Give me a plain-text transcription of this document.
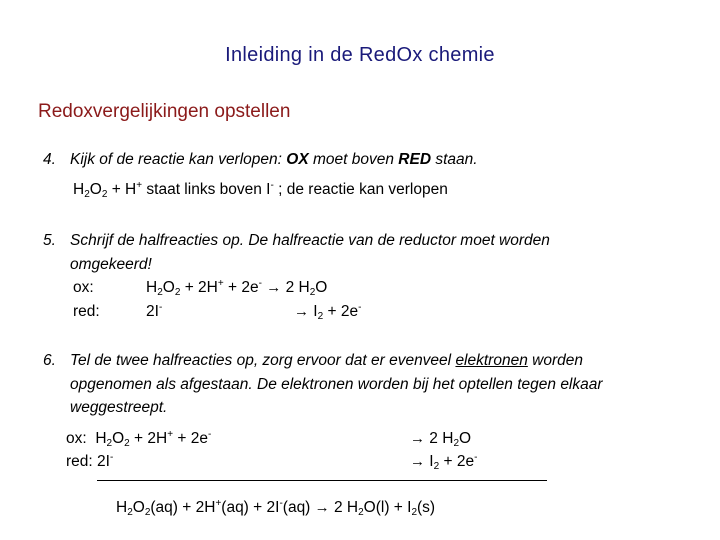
Inleiding in de RedOx chemie
Redoxvergelijkingen opstellen
4. Kijk of de reactie kan verlopen: OX moet boven RED staan.
$H_2O_2 + H^+$ staat links boven I- ; de reactie kan verlopen
5. Schrijf de halfreacties op. De halfreactie van de reductor moet worden
omgekeerd!
ox:	$H_2O_2 + 2H^+ + 2e^- \to 2$ $H_2O$
red:	2I-	→ $I_2 + 2e^-$
6. Tel de twee halfreacties op, zorg ervoor dat er evenveel elektronen worden
opgenomen als afgestaan. De elektronen worden bij het optellen tegen elkaar
weggestreept.
ox: $H_2O_2 + 2H^+ + 2e^-$	→ 2 $H_2O$
red: 2I-	→ $I_2 + 2e^-$
$H_2O_2(aq) + 2H^+(aq) + 2I^-(aq) \to 2$ $H_2O(l) + I_2(s)$
